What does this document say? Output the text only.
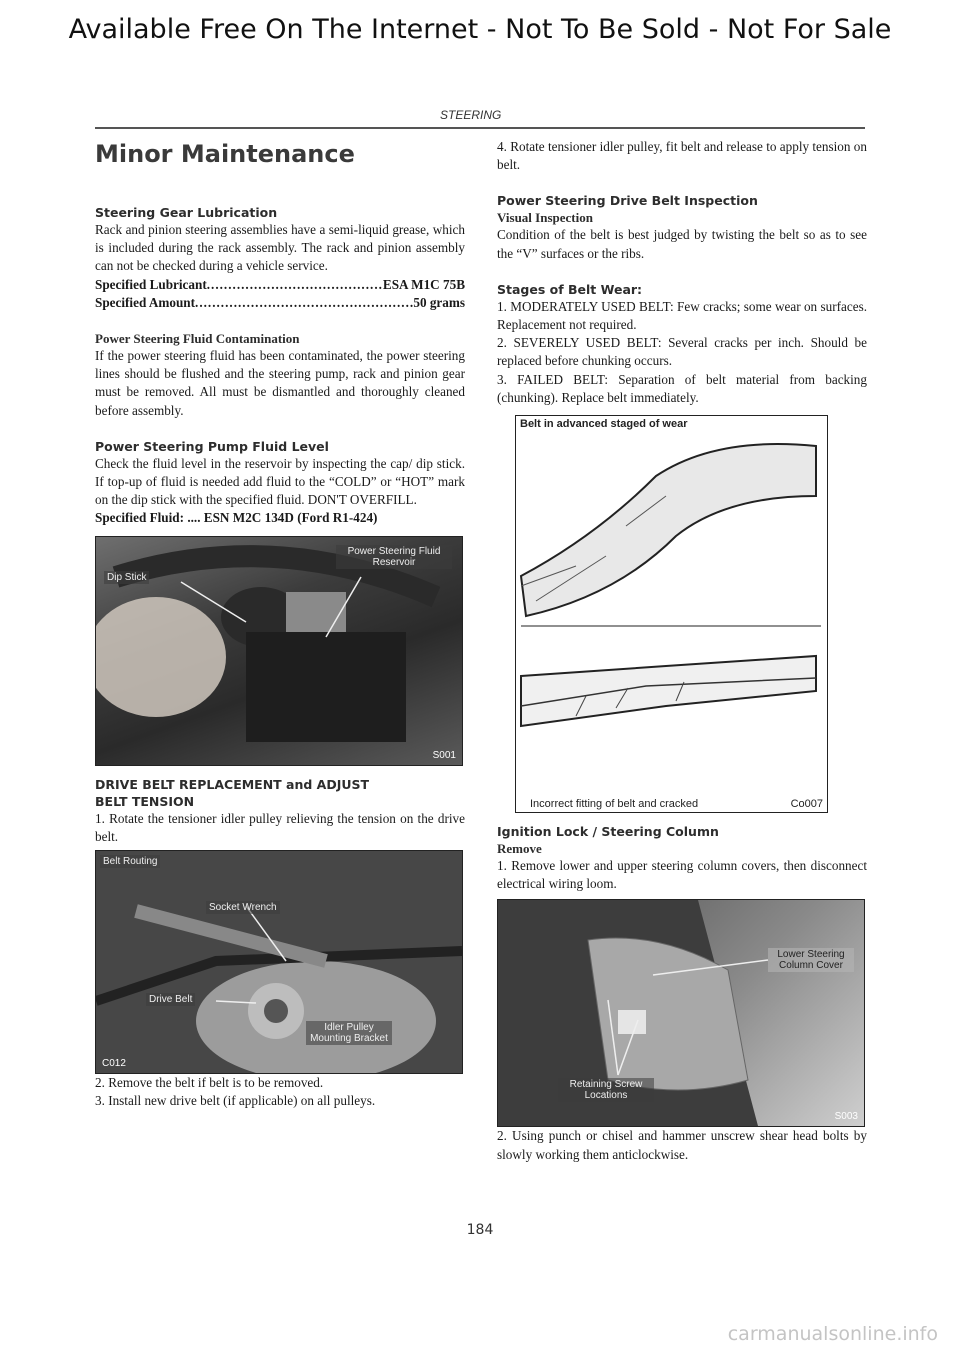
Available Free On The Internet - Not To Be Sold - Not For Sale
STEERING
Minor Maintenance
Steering Gear Lubrication

Rack and pinion steering assemblies have a semi-liquid grease, which is included during the rack assembly. The rack and pinion assembly can not be checked during a vehicle service.

Specified Lubricant .....	ESA M1C 75B
Specified Amount .....	50 grams
Power Steering Fluid Contamination

If the power steering fluid has been contaminated, the power steering lines should be flushed and the steering pump, rack and pinion gear must be removed. All must be dismantled and thoroughly cleaned before assembly.

Power Steering Pump Fluid Level

Check the fluid level in the reservoir by inspecting the cap/ dip stick. If top-up of fluid is needed add fluid to the “COLD” or “HOT” mark on the dip stick with the specified fluid. DON'T OVERFILL.

Specified Fluid: .... ESN M2C 134D (Ford R1-424)

Dip Stick
Power Steering Fluid Reservoir
S001
DRIVE BELT REPLACEMENT and ADJUST
BELT TENSION

1. Rotate the tensioner idler pulley relieving the tension on the drive belt.

Belt Routing
Socket Wrench
Drive Belt
Idler Pulley Mounting Bracket
C012

2. Remove the belt if belt is to be removed.

3. Install new drive belt (if applicable) on all pulleys.

4. Rotate tensioner idler pulley, fit belt and release to apply tension on belt.

Power Steering Drive Belt Inspection
Visual Inspection

Condition of the belt is best judged by twisting the belt so as to see the “V” surfaces or the ribs.

Stages of Belt Wear:

1. MODERATELY USED BELT: Few cracks; some wear on surfaces. Replacement not required.

2. SEVERELY USED BELT: Several cracks per inch. Should be replaced before chunking occurs.

3. FAILED BELT: Separation of belt material from backing (chunking). Replace belt immediately.

Belt in advanced staged of wear
Incorrect fitting of belt and cracked	Co007
Ignition Lock / Steering Column
Remove

1. Remove lower and upper steering column covers, then disconnect electrical wiring loom.

Lower Steering Column Cover
Retaining Screw Locations
S003

2. Using punch or chisel and hammer unscrew shear head bolts by slowly working them anticlockwise.

184
carmanualsonline.info
